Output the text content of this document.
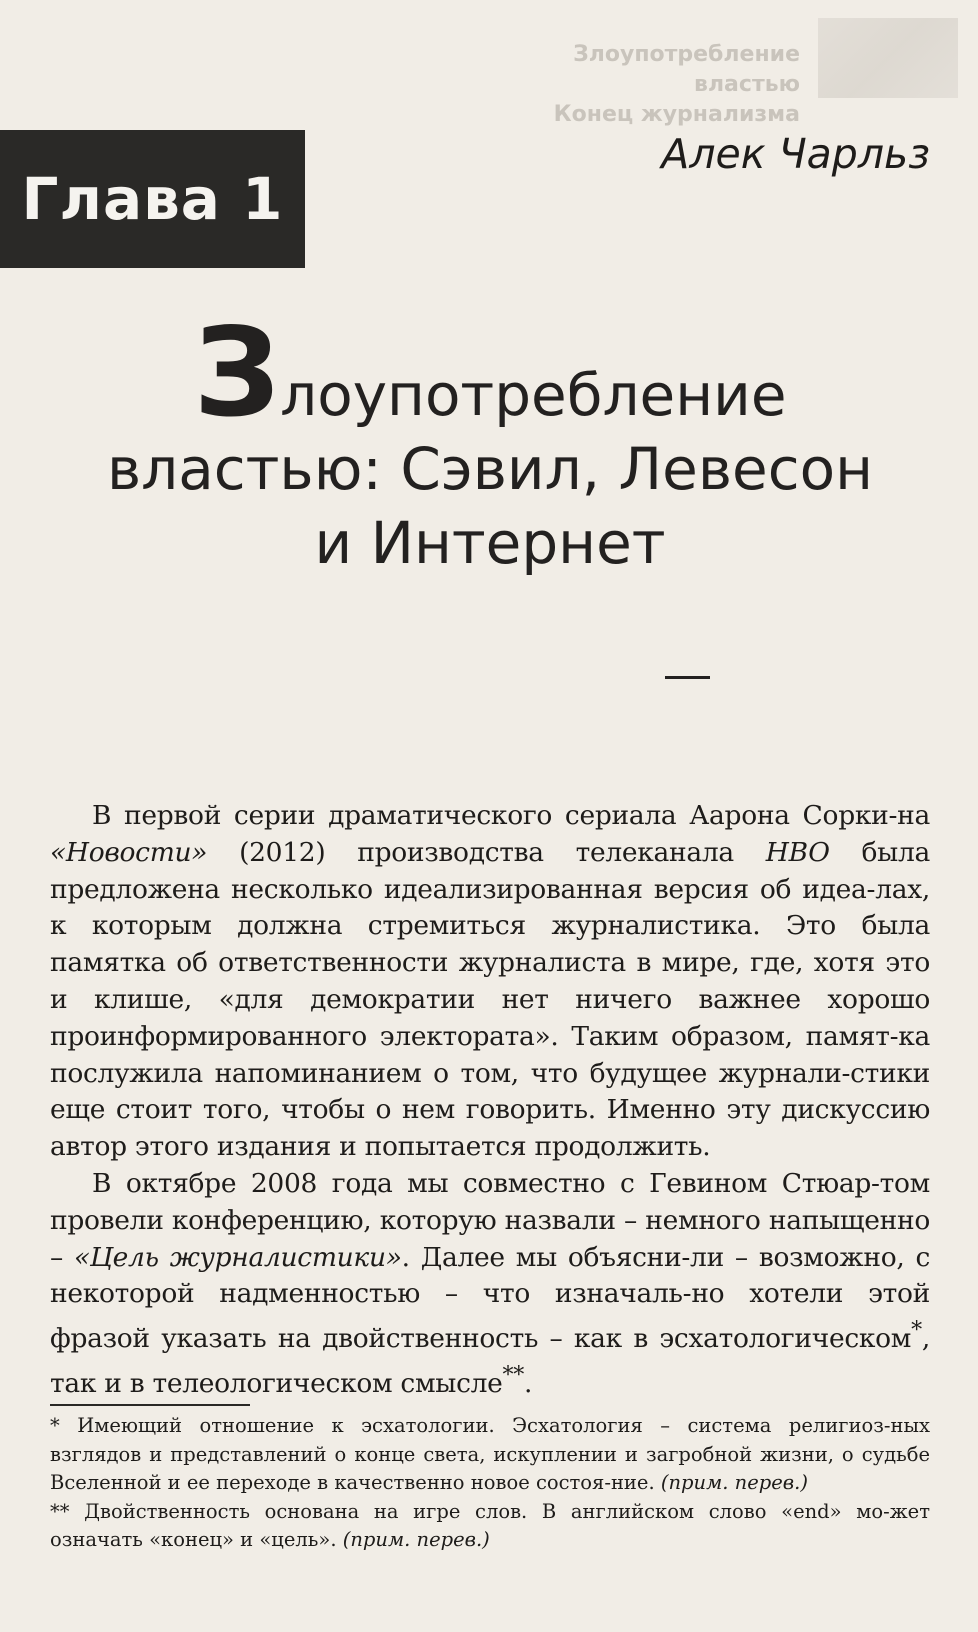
Злоупотребление властью
Конец журнализма
Глава 1
Алек Чарльз
Злоупотребление
властью: Сэвил, Левесон
и Интернет

В первой серии драматического сериала Аарона Сорки-на «Новости» (2012) производства телеканала HBO была предложена несколько идеализированная версия об идеа-лах, к которым должна стремиться журналистика. Это была памятка об ответственности журналиста в мире, где, хотя это и клише, «для демократии нет ничего важнее хорошо проинформированного электората». Таким образом, памят-ка послужила напоминанием о том, что будущее журнали-стики еще стоит того, чтобы о нем говорить. Именно эту дискуссию автор этого издания и попытается продолжить.

В октябре 2008 года мы совместно с Гевином Стюар-том провели конференцию, которую назвали – немного напыщенно – «Цель журналистики». Далее мы объясни-ли – возможно, с некоторой надменностью – что изначаль-но хотели этой фразой указать на двойственность – как в эсхатологическом*, так и в телеологическом смысле**.

* Имеющий отношение к эсхатологии. Эсхатология – система религиоз-ных взглядов и представлений о конце света, искуплении и загробной жизни, о судьбе Вселенной и ее переходе в качественно новое состоя-ние. (прим. перев.)

** Двойственность основана на игре слов. В английском слово «end» мо-жет означать «конец» и «цель». (прим. перев.)
